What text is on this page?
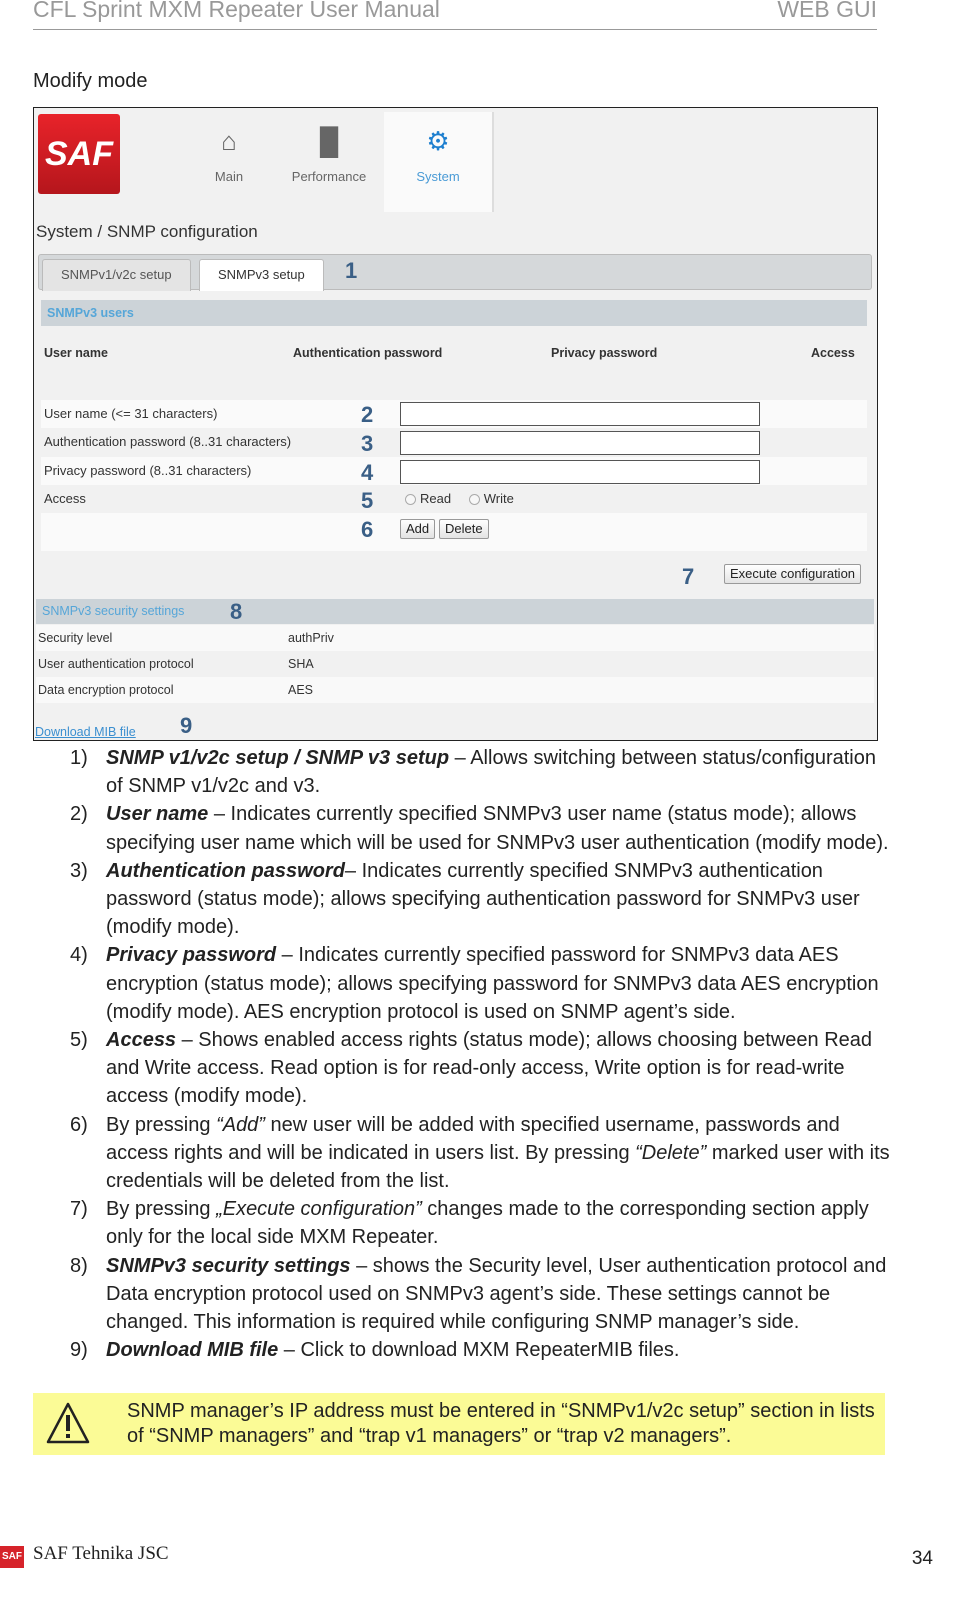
CFL Sprint MXM Repeater User Manual	WEB GUI
Modify mode
SAF	⌂
Main
▐▌
Performance
⚙
System
System / SNMP configuration
SNMPv1/v2c setup	SNMPv3 setup	1
SNMPv3 users
User name	Authentication password	Privacy password	Access
User name (<= 31 characters)
Authentication password (8..31 characters)
Privacy password (8..31 characters)
Access	Read	Write
Add	Delete
2
3
4
5
6
7	Execute configuration
SNMPv3 security settings	8
Security level	authPriv
User authentication protocol	SHA
Data encryption protocol	AES
Download MIB file 9
1) SNMP v1/v2c setup / SNMP v3 setup – Allows switching between status/configuration of SNMP v1/v2c and v3.
2) User name – Indicates currently specified SNMPv3 user name (status mode); allows specifying user name which will be used for SNMPv3 user authentication (modify mode).
3) Authentication password– Indicates currently specified SNMPv3 authentication password (status mode); allows specifying authentication password for SNMPv3 user (modify mode).
4) Privacy password – Indicates currently specified password for SNMPv3 data AES encryption (status mode); allows specifying password for SNMPv3 data AES encryption (modify mode). AES encryption protocol is used on SNMP agent’s side.
5) Access – Shows enabled access rights (status mode); allows choosing between Read and Write access. Read option is for read-only access, Write option is for read-write access (modify mode).
6) By pressing “Add” new user will be added with specified username, passwords and access rights and will be indicated in users list. By pressing “Delete” marked user with its credentials will be deleted from the list.
7) By pressing „Execute configuration” changes made to the corresponding section apply only for the local side MXM Repeater.
8) SNMPv3 security settings – shows the Security level, User authentication protocol and Data encryption protocol used on SNMPv3 agent’s side. These settings cannot be changed. This information is required while configuring SNMP manager’s side.
9) Download MIB file – Click to download MXM RepeaterMIB files.
SNMP manager’s IP address must be entered in “SNMPv1/v2c setup” section in lists of “SNMP managers” and “trap v1 managers” or “trap v2 managers”.
SAF SAF Tehnika JSC	34
